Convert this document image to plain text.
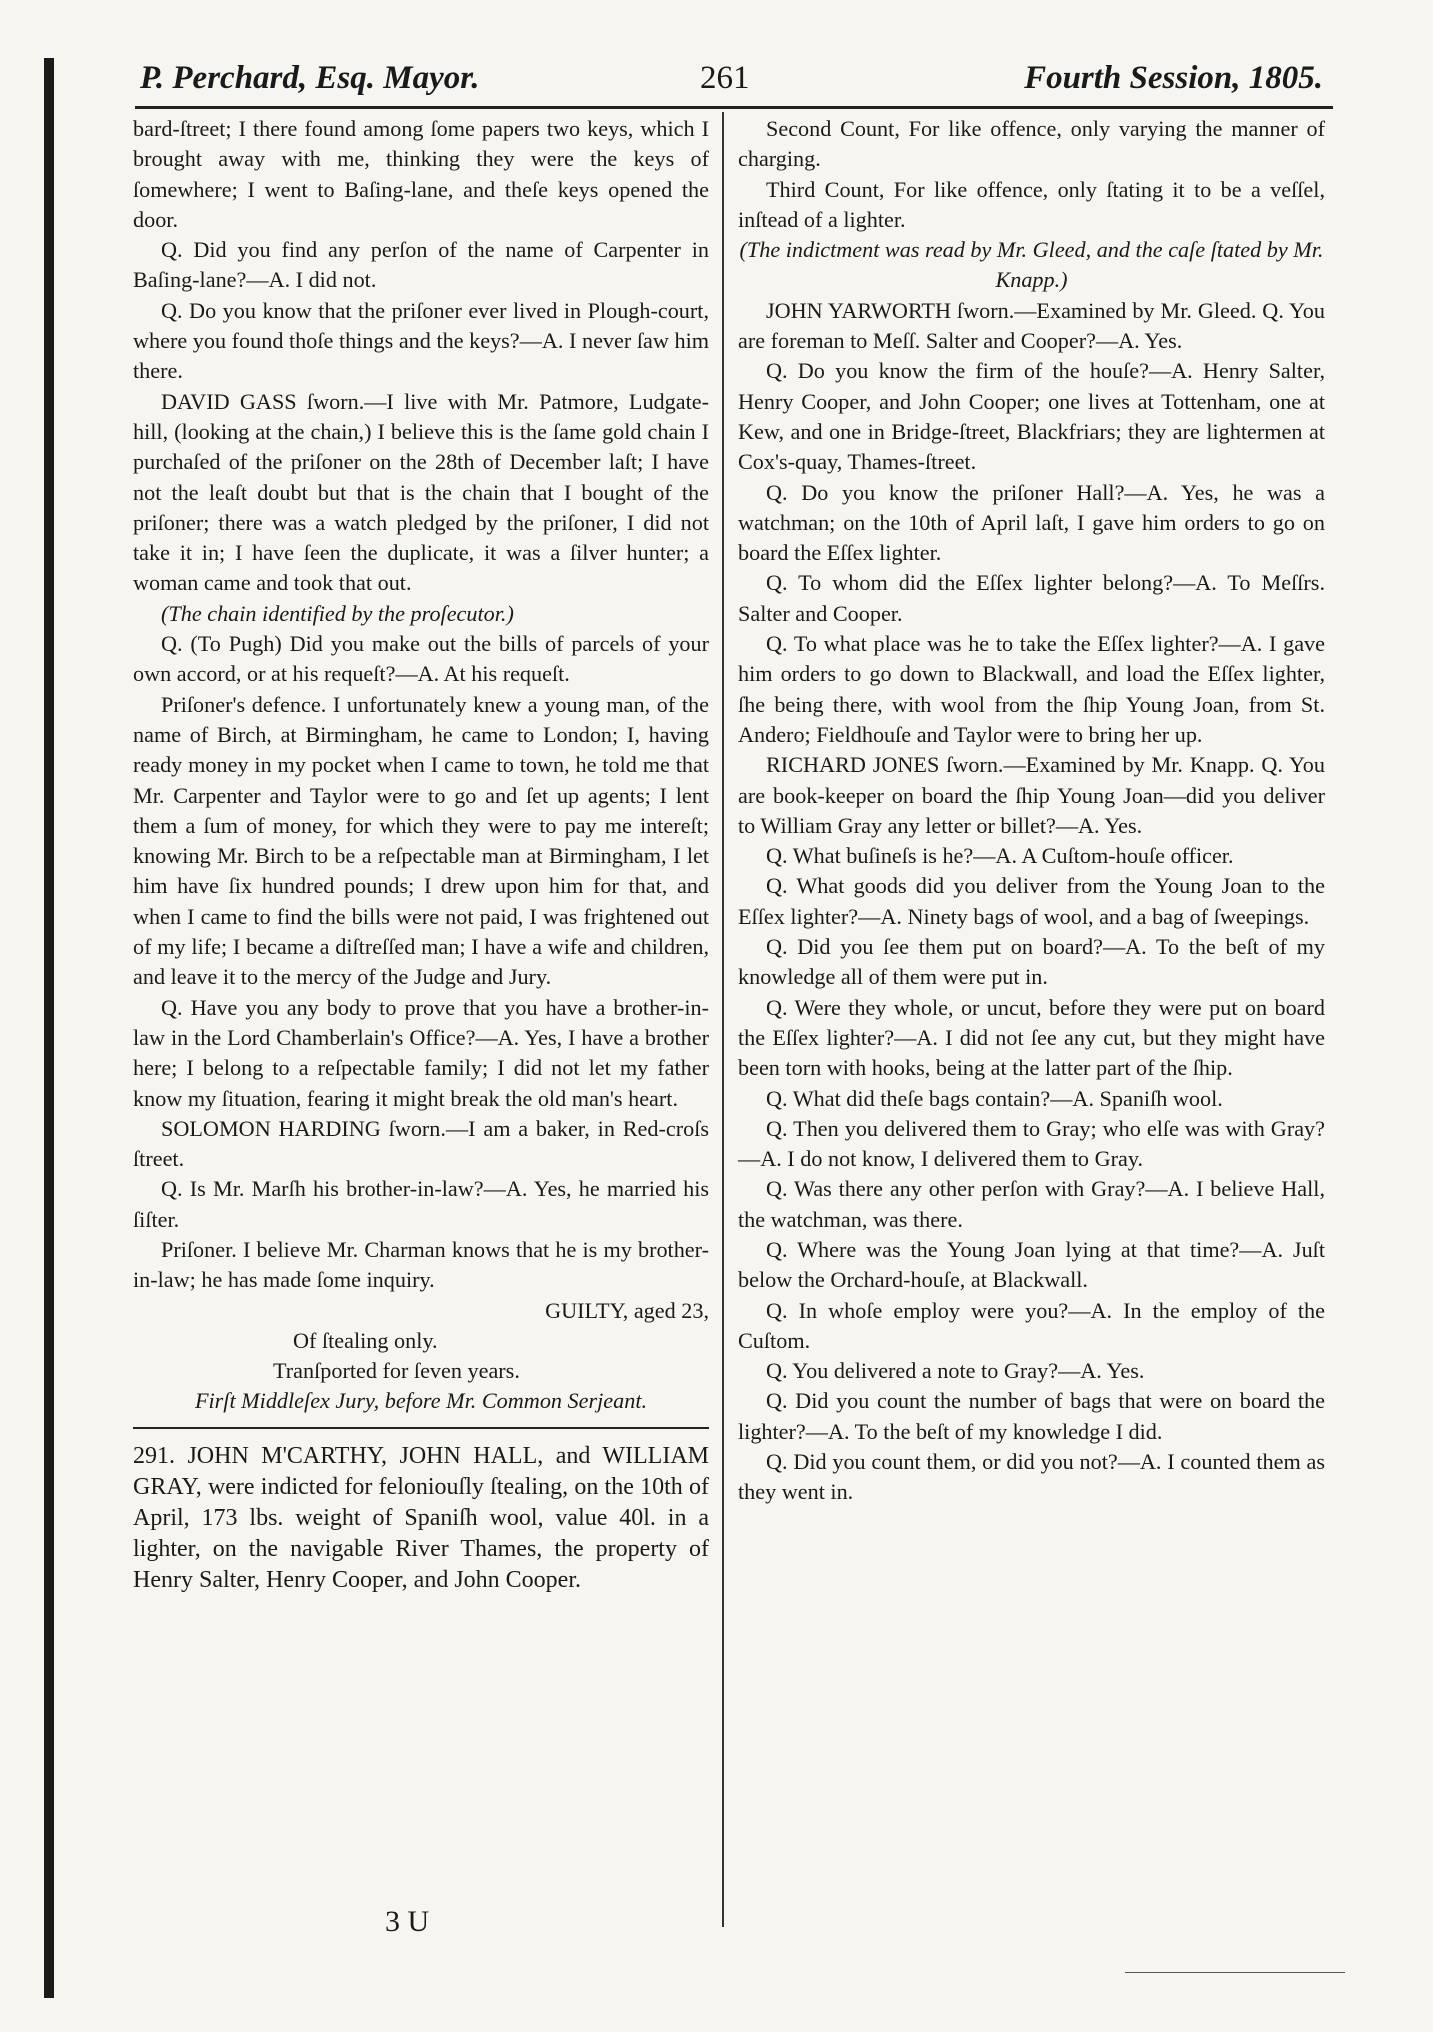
P. Perchard, Esq. Mayor.	261	Fourth Session, 1805.

bard-ſtreet; I there found among ſome papers two keys, which I brought away with me, thinking they were the keys of ſomewhere; I went to Baſing-lane, and theſe keys opened the door.

Q. Did you find any perſon of the name of Carpenter in Baſing-lane?—A. I did not.

Q. Do you know that the priſoner ever lived in Plough-court, where you found thoſe things and the keys?—A. I never ſaw him there.

DAVID GASS ſworn.—I live with Mr. Patmore, Ludgate-hill, (looking at the chain,) I believe this is the ſame gold chain I purchaſed of the priſoner on the 28th of December laſt; I have not the leaſt doubt but that is the chain that I bought of the priſoner; there was a watch pledged by the priſoner, I did not take it in; I have ſeen the duplicate, it was a ſilver hunter; a woman came and took that out.

(The chain identified by the proſecutor.)

Q. (To Pugh) Did you make out the bills of parcels of your own accord, or at his requeſt?—A. At his requeſt.

Priſoner's defence. I unfortunately knew a young man, of the name of Birch, at Birmingham, he came to London; I, having ready money in my pocket when I came to town, he told me that Mr. Carpenter and Taylor were to go and ſet up agents; I lent them a ſum of money, for which they were to pay me intereſt; knowing Mr. Birch to be a reſpectable man at Birmingham, I let him have ſix hundred pounds; I drew upon him for that, and when I came to find the bills were not paid, I was frightened out of my life; I became a diſtreſſed man; I have a wife and children, and leave it to the mercy of the Judge and Jury.

Q. Have you any body to prove that you have a brother-in-law in the Lord Chamberlain's Office?—A. Yes, I have a brother here; I belong to a reſpectable family; I did not let my father know my ſituation, fearing it might break the old man's heart.

SOLOMON HARDING ſworn.—I am a baker, in Red-croſs ſtreet.

Q. Is Mr. Marſh his brother-in-law?—A. Yes, he married his ſiſter.

Priſoner. I believe Mr. Charman knows that he is my brother-in-law; he has made ſome inquiry.

GUILTY, aged 23,

Of ſtealing only.

Tranſported for ſeven years.

Firſt Middleſex Jury, before Mr. Common Serjeant.

291. JOHN M'CARTHY, JOHN HALL, and WILLIAM GRAY, were indicted for feloniouſly ſtealing, on the 10th of April, 173 lbs. weight of Spaniſh wool, value 40l. in a lighter, on the navigable River Thames, the property of Henry Salter, Henry Cooper, and John Cooper.

Second Count, For like offence, only varying the manner of charging.

Third Count, For like offence, only ſtating it to be a veſſel, inſtead of a lighter.

(The indictment was read by Mr. Gleed, and the caſe ſtated by Mr. Knapp.)

JOHN YARWORTH ſworn.—Examined by Mr. Gleed. Q. You are foreman to Meſſ. Salter and Cooper?—A. Yes.

Q. Do you know the firm of the houſe?—A. Henry Salter, Henry Cooper, and John Cooper; one lives at Tottenham, one at Kew, and one in Bridge-ſtreet, Blackfriars; they are lightermen at Cox's-quay, Thames-ſtreet.

Q. Do you know the priſoner Hall?—A. Yes, he was a watchman; on the 10th of April laſt, I gave him orders to go on board the Eſſex lighter.

Q. To whom did the Eſſex lighter belong?—A. To Meſſrs. Salter and Cooper.

Q. To what place was he to take the Eſſex lighter?—A. I gave him orders to go down to Blackwall, and load the Eſſex lighter, ſhe being there, with wool from the ſhip Young Joan, from St. Andero; Fieldhouſe and Taylor were to bring her up.

RICHARD JONES ſworn.—Examined by Mr. Knapp. Q. You are book-keeper on board the ſhip Young Joan—did you deliver to William Gray any letter or billet?—A. Yes.

Q. What buſineſs is he?—A. A Cuſtom-houſe officer.

Q. What goods did you deliver from the Young Joan to the Eſſex lighter?—A. Ninety bags of wool, and a bag of ſweepings.

Q. Did you ſee them put on board?—A. To the beſt of my knowledge all of them were put in.

Q. Were they whole, or uncut, before they were put on board the Eſſex lighter?—A. I did not ſee any cut, but they might have been torn with hooks, being at the latter part of the ſhip.

Q. What did theſe bags contain?—A. Spaniſh wool.

Q. Then you delivered them to Gray; who elſe was with Gray?—A. I do not know, I delivered them to Gray.

Q. Was there any other perſon with Gray?—A. I believe Hall, the watchman, was there.

Q. Where was the Young Joan lying at that time?—A. Juſt below the Orchard-houſe, at Blackwall.

Q. In whoſe employ were you?—A. In the employ of the Cuſtom.

Q. You delivered a note to Gray?—A. Yes.

Q. Did you count the number of bags that were on board the lighter?—A. To the beſt of my knowledge I did.

Q. Did you count them, or did you not?—A. I counted them as they went in.

3 U
